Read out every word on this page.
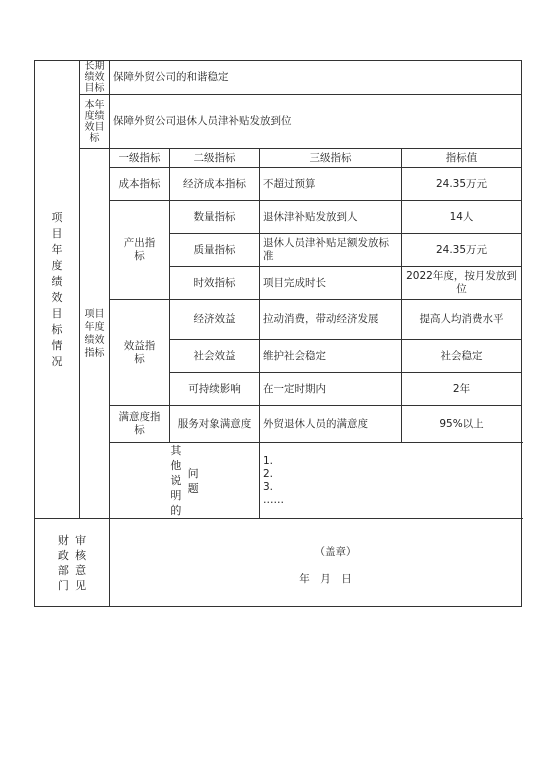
项目年度绩效目标情况	长期绩效目标	保障外贸公司的和谐稳定			
	本年度绩效目标	保障外贸公司退休人员津补贴发放到位			
	项目年度绩效指标	一级指标	二级指标	三级指标	指标值
		成本指标	经济成本指标	不超过预算	24.35万元
		产出指标	数量指标	退休津补贴发放到人	14人
			质量指标	退休人员津补贴足额发放标准	24.35万元
			时效指标	项目完成时长	2022年度，按月发放到位
		效益指标	经济效益	拉动消费，带动经济发展	提高人均消费水平
			社会效益	维护社会稳定	社会稳定
			可持续影响	在一定时期内	2年
		满意度指标	服务对象满意度	外贸退休人员的满意度	95%以上
		其他说明的 问题		1.
2.
3.
……	

财政部门 审核意见		（盖章）
年　月　日			
